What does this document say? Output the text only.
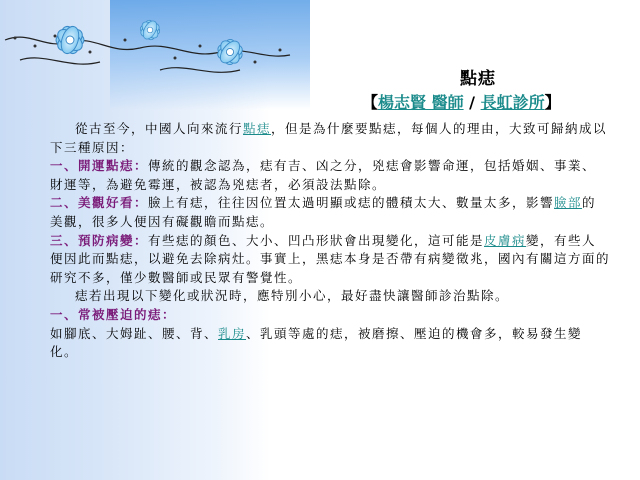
點痣
【楊志賢 醫師 / 長虹診所】

從古至今，中國人向來流行點痣，但是為什麼要點痣，每個人的理由，大致可歸納成以下三種原因：

一、開運點痣：傳統的觀念認為，痣有吉、凶之分，兇痣會影響命運，包括婚姻、事業、財運等，為避免霉運，被認為兇痣者，必須設法點除。

二、美觀好看：臉上有痣，往往因位置太過明顯或痣的體積太大、數量太多，影響臉部的美觀，很多人便因有礙觀瞻而點痣。

三、預防病變：有些痣的顏色、大小、凹凸形狀會出現變化，這可能是皮膚病變，有些人便因此而點痣，以避免去除病灶。事實上，黑痣本身是否帶有病變徵兆，國內有關這方面的研究不多，僅少數醫師或民眾有警覺性。

痣若出現以下變化或狀況時，應特別小心，最好盡快讓醫師診治點除。

一、常被壓迫的痣：
如腳底、大姆趾、腰、背、乳房、乳頭等處的痣，被磨擦、壓迫的機會多，較易發生變化。
